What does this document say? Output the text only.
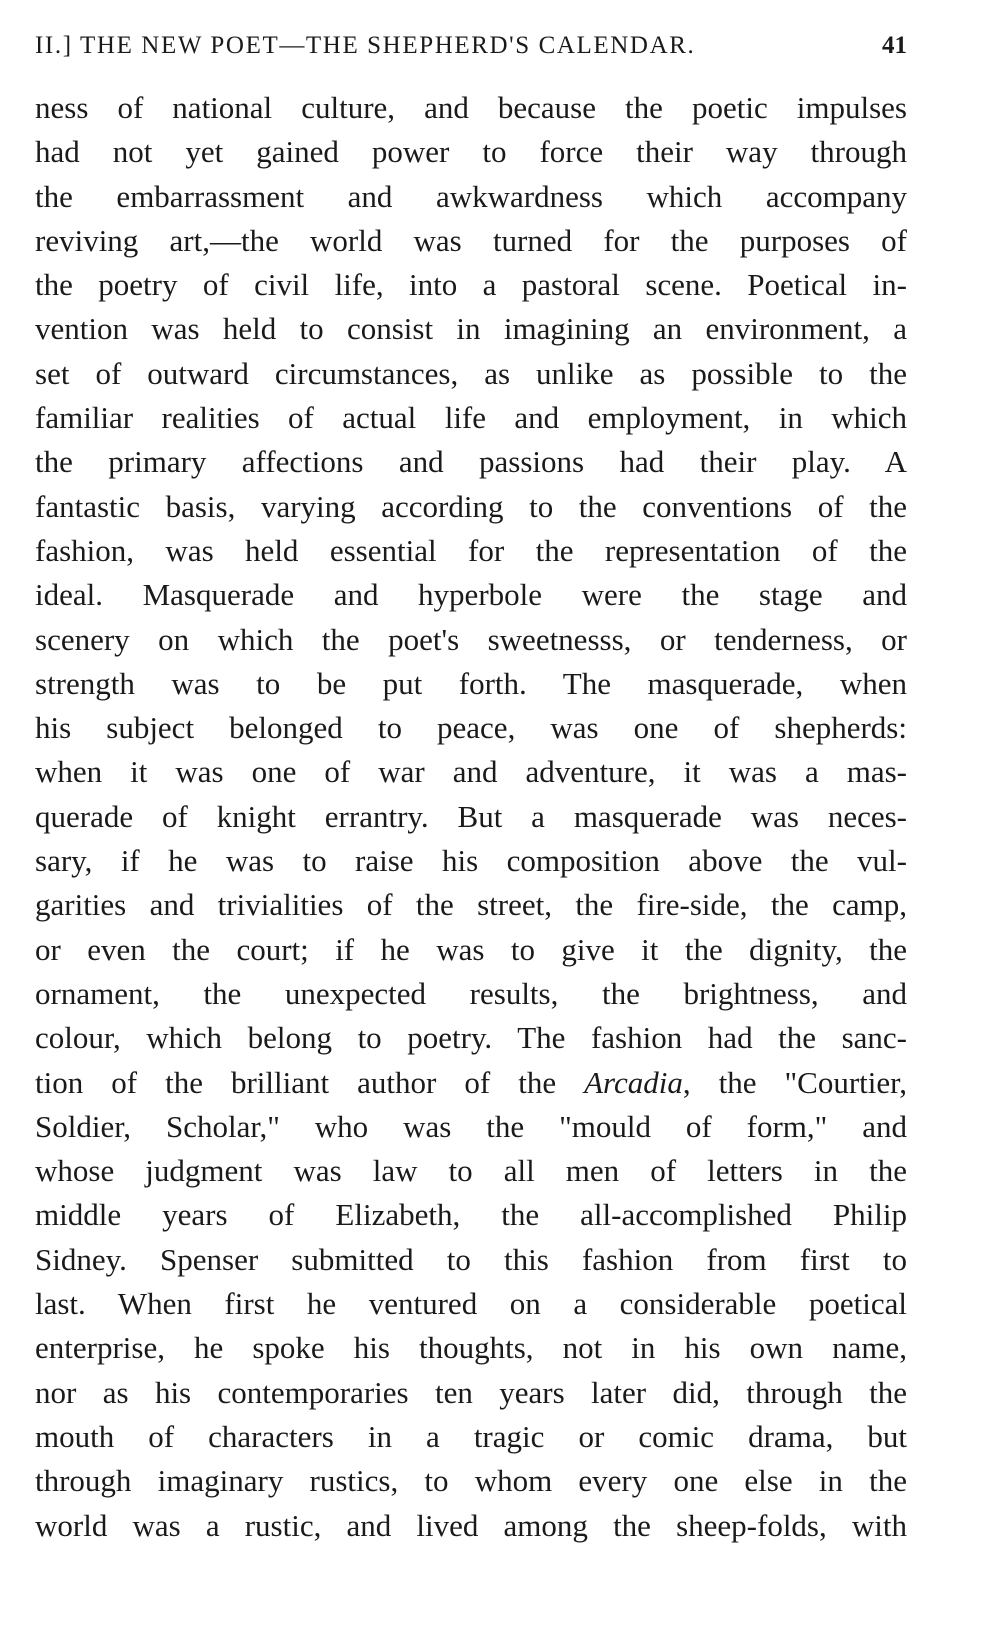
II.] THE NEW POET—THE SHEPHERD'S CALENDAR.	41
ness of national culture, and because the poetic impulses
had not yet gained power to force their way through
the embarrassment and awkwardness which accompany
reviving art,—the world was turned for the purposes of
the poetry of civil life, into a pastoral scene. Poetical in-
vention was held to consist in imagining an environment, a
set of outward circumstances, as unlike as possible to the
familiar realities of actual life and employment, in which
the primary affections and passions had their play. A
fantastic basis, varying according to the conventions of the
fashion, was held essential for the representation of the
ideal. Masquerade and hyperbole were the stage and
scenery on which the poet's sweetnesss, or tenderness, or
strength was to be put forth. The masquerade, when
his subject belonged to peace, was one of shepherds:
when it was one of war and adventure, it was a mas-
querade of knight errantry. But a masquerade was neces-
sary, if he was to raise his composition above the vul-
garities and trivialities of the street, the fire-side, the camp,
or even the court; if he was to give it the dignity, the
ornament, the unexpected results, the brightness, and
colour, which belong to poetry. The fashion had the sanc-
tion of the brilliant author of the Arcadia, the "Courtier,
Soldier, Scholar," who was the "mould of form," and
whose judgment was law to all men of letters in the
middle years of Elizabeth, the all-accomplished Philip
Sidney. Spenser submitted to this fashion from first to
last. When first he ventured on a considerable poetical
enterprise, he spoke his thoughts, not in his own name,
nor as his contemporaries ten years later did, through the
mouth of characters in a tragic or comic drama, but
through imaginary rustics, to whom every one else in the
world was a rustic, and lived among the sheep-folds, with
